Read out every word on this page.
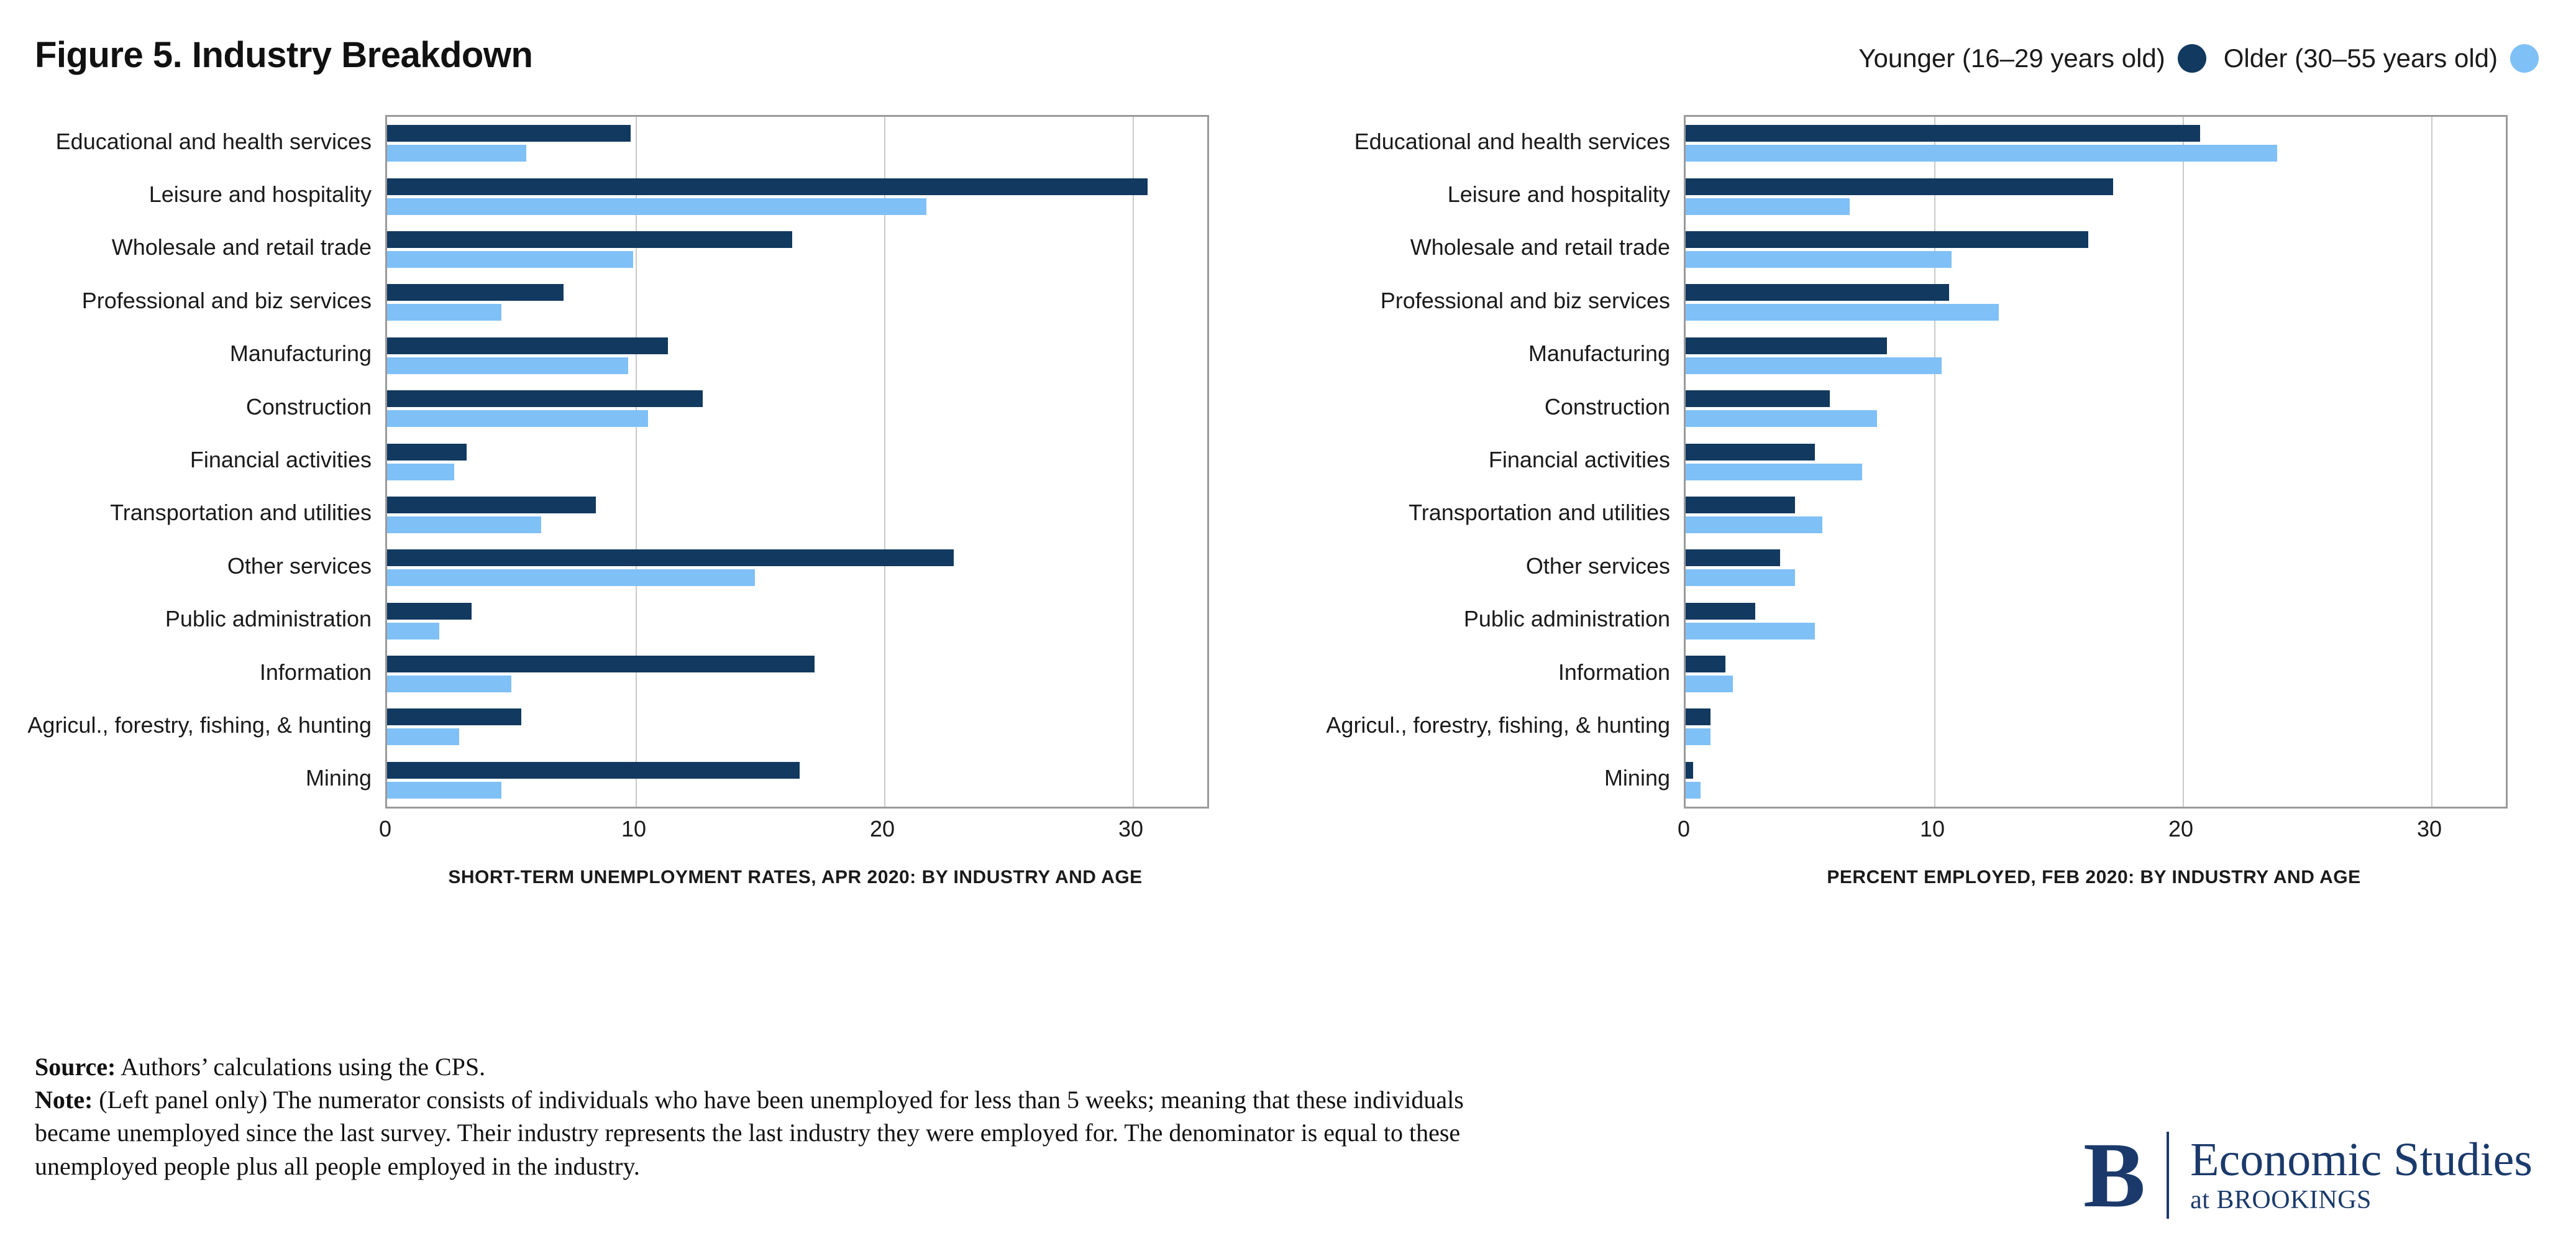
Figure 5. Industry Breakdown	Younger (16–29 years old) Older (30–55 years old)
Educational and health services
Leisure and hospitality
Wholesale and retail trade
Professional and biz services
Manufacturing
Construction
Financial activities
Transportation and utilities
Other services
Public administration
Information
Agricul., forestry, fishing, & hunting
Mining
0	10	20	30
SHORT-TERM UNEMPLOYMENT RATES, APR 2020: BY INDUSTRY AND AGE
Educational and health services
Leisure and hospitality
Wholesale and retail trade
Professional and biz services
Manufacturing
Construction
Financial activities
Transportation and utilities
Other services
Public administration
Information
Agricul., forestry, fishing, & hunting
Mining
0	10	20	30
PERCENT EMPLOYED, FEB 2020: BY INDUSTRY AND AGE

Source: Authors’ calculations using the CPS.

Note: (Left panel only) The numerator consists of individuals who have been unemployed for less than 5 weeks; meaning that these individuals became unemployed since the last survey. Their industry represents the last industry they were employed for. The denominator is equal to these unemployed people plus all people employed in the industry.	B Economic Studies
at BROOKINGS
